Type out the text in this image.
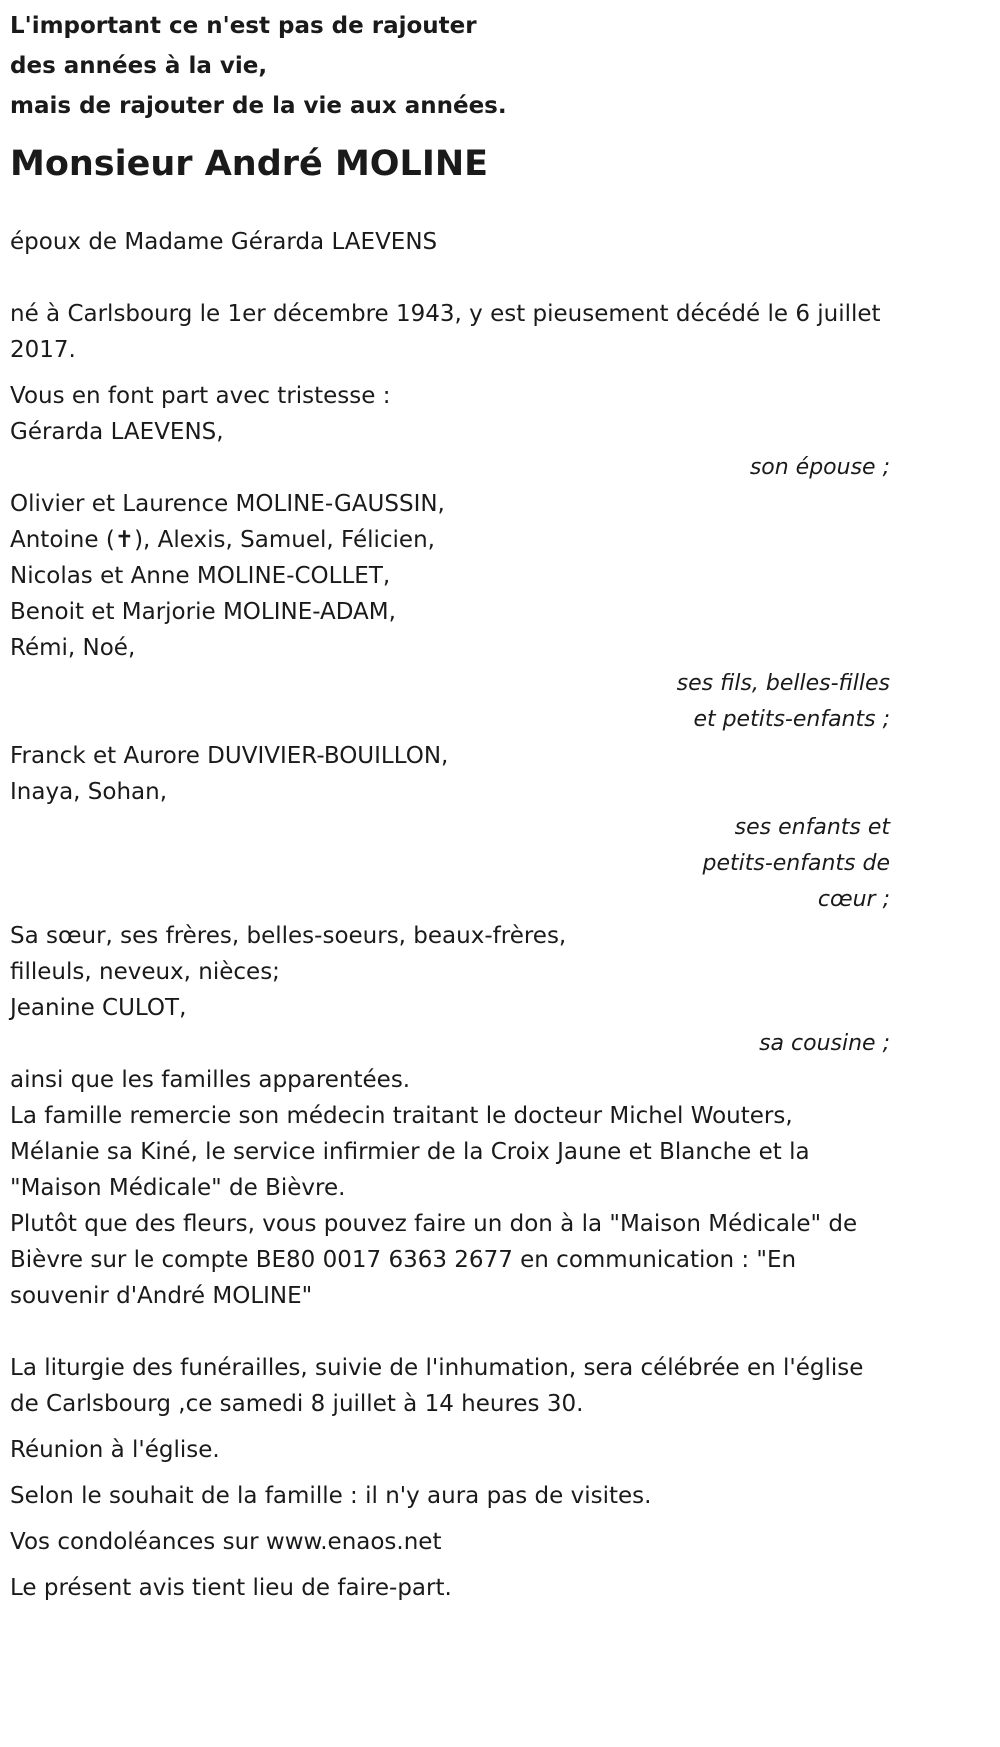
L'important ce n'est pas de rajouter
des années à la vie,
mais de rajouter de la vie aux années.
Monsieur André MOLINE
époux de Madame Gérarda LAEVENS
né à Carlsbourg le 1er décembre 1943, y est pieusement décédé le 6 juillet 2017.
Vous en font part avec tristesse :
Gérarda LAEVENS,
son épouse ;
Olivier et Laurence MOLINE-GAUSSIN,
Antoine (✝), Alexis, Samuel, Félicien,
Nicolas et Anne MOLINE-COLLET,
Benoit et Marjorie MOLINE-ADAM,
Rémi, Noé,
ses fils, belles-filles
et petits-enfants ;
Franck et Aurore DUVIVIER-BOUILLON,
Inaya, Sohan,
ses enfants et
petits-enfants de
cœur ;
Sa sœur, ses frères, belles-soeurs, beaux-frères,
filleuls, neveux, nièces;
Jeanine CULOT,
sa cousine ;
ainsi que les familles apparentées.
La famille remercie son médecin traitant le docteur Michel Wouters,
Mélanie sa Kiné, le service infirmier de la Croix Jaune et Blanche et la
"Maison Médicale" de Bièvre.
Plutôt que des fleurs, vous pouvez faire un don à la "Maison Médicale" de
Bièvre sur le compte BE80 0017 6363 2677 en communication : "En
souvenir d'André MOLINE"
La liturgie des funérailles, suivie de l'inhumation, sera célébrée en l'église
de Carlsbourg ,ce samedi 8 juillet à 14 heures 30.
Réunion à l'église.
Selon le souhait de la famille : il n'y aura pas de visites.
Vos condoléances sur www.enaos.net
Le présent avis tient lieu de faire-part.
